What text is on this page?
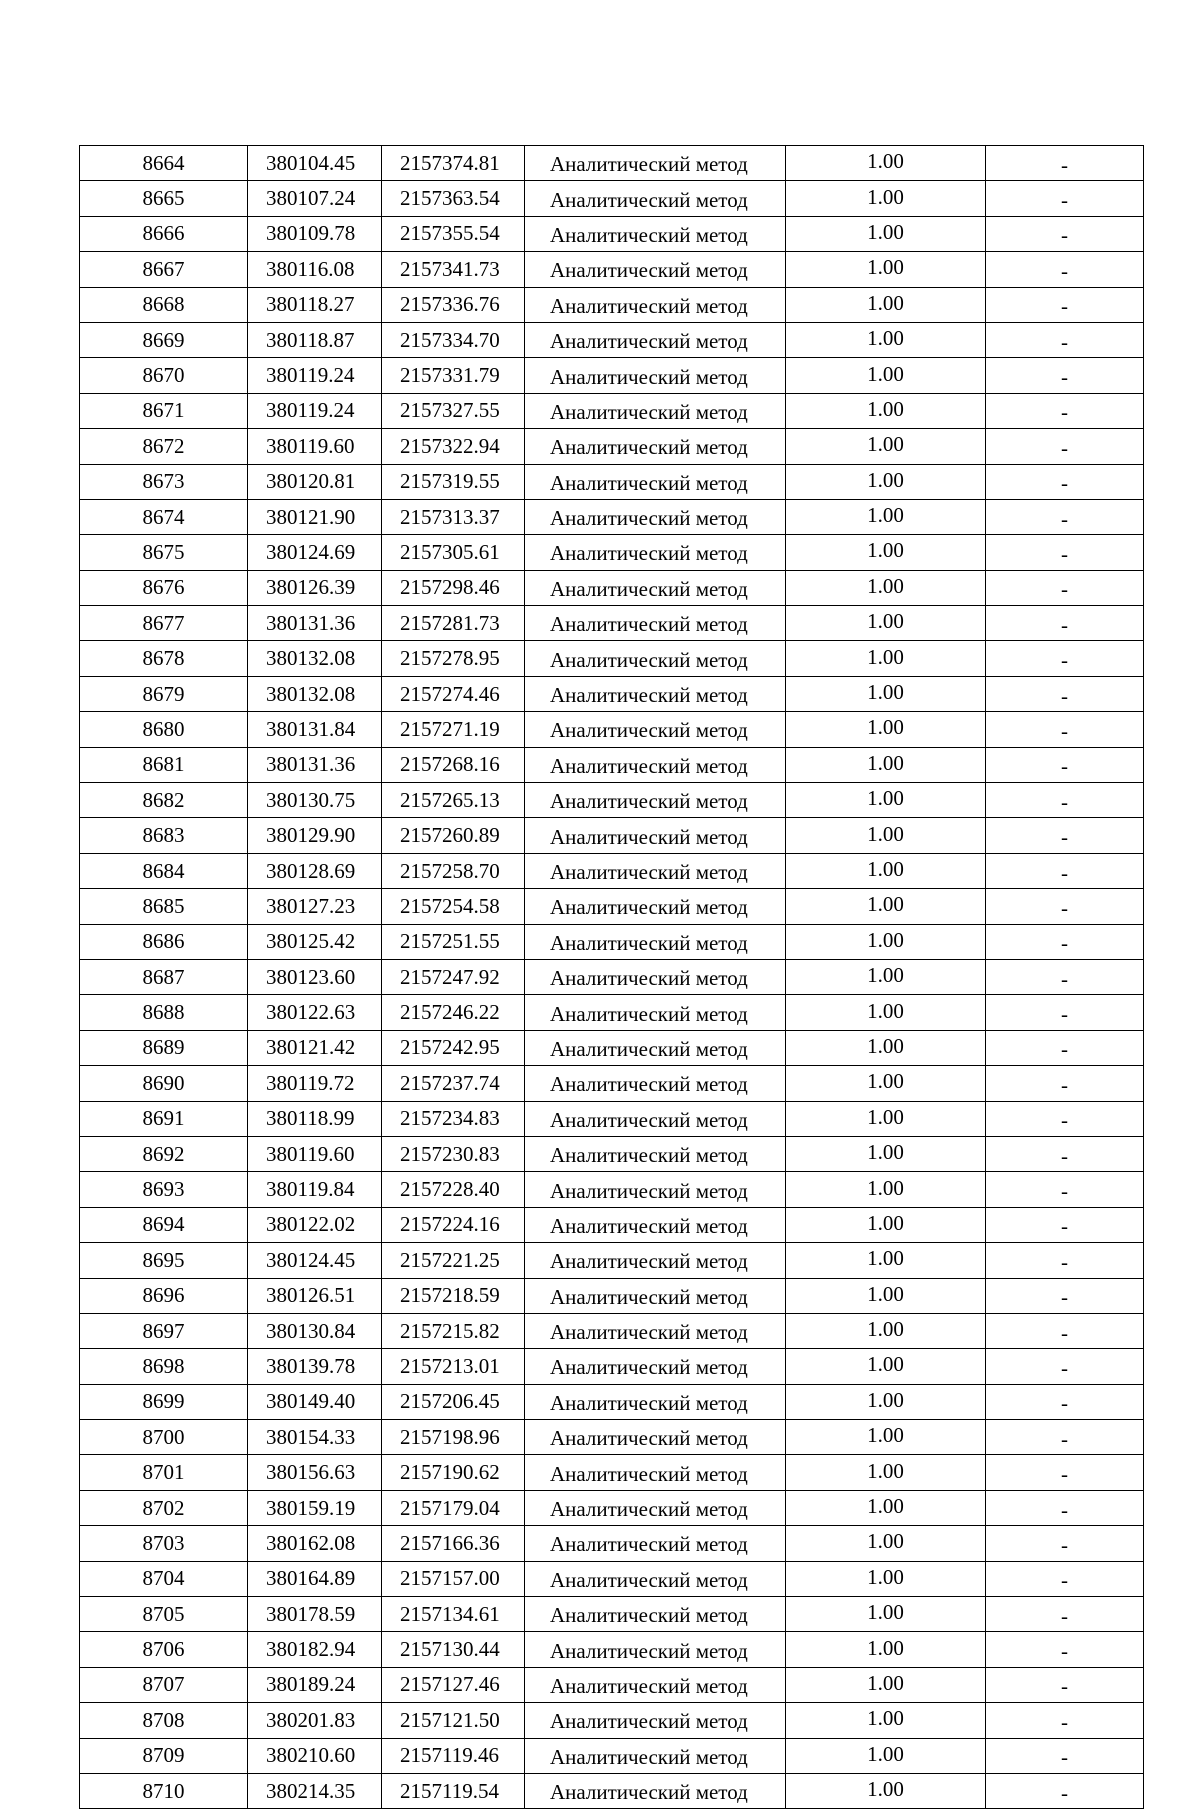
8664	380104.45	2157374.81	Аналитический метод	1.00	-
8665	380107.24	2157363.54	Аналитический метод	1.00	-
8666	380109.78	2157355.54	Аналитический метод	1.00	-
8667	380116.08	2157341.73	Аналитический метод	1.00	-
8668	380118.27	2157336.76	Аналитический метод	1.00	-
8669	380118.87	2157334.70	Аналитический метод	1.00	-
8670	380119.24	2157331.79	Аналитический метод	1.00	-
8671	380119.24	2157327.55	Аналитический метод	1.00	-
8672	380119.60	2157322.94	Аналитический метод	1.00	-
8673	380120.81	2157319.55	Аналитический метод	1.00	-
8674	380121.90	2157313.37	Аналитический метод	1.00	-
8675	380124.69	2157305.61	Аналитический метод	1.00	-
8676	380126.39	2157298.46	Аналитический метод	1.00	-
8677	380131.36	2157281.73	Аналитический метод	1.00	-
8678	380132.08	2157278.95	Аналитический метод	1.00	-
8679	380132.08	2157274.46	Аналитический метод	1.00	-
8680	380131.84	2157271.19	Аналитический метод	1.00	-
8681	380131.36	2157268.16	Аналитический метод	1.00	-
8682	380130.75	2157265.13	Аналитический метод	1.00	-
8683	380129.90	2157260.89	Аналитический метод	1.00	-
8684	380128.69	2157258.70	Аналитический метод	1.00	-
8685	380127.23	2157254.58	Аналитический метод	1.00	-
8686	380125.42	2157251.55	Аналитический метод	1.00	-
8687	380123.60	2157247.92	Аналитический метод	1.00	-
8688	380122.63	2157246.22	Аналитический метод	1.00	-
8689	380121.42	2157242.95	Аналитический метод	1.00	-
8690	380119.72	2157237.74	Аналитический метод	1.00	-
8691	380118.99	2157234.83	Аналитический метод	1.00	-
8692	380119.60	2157230.83	Аналитический метод	1.00	-
8693	380119.84	2157228.40	Аналитический метод	1.00	-
8694	380122.02	2157224.16	Аналитический метод	1.00	-
8695	380124.45	2157221.25	Аналитический метод	1.00	-
8696	380126.51	2157218.59	Аналитический метод	1.00	-
8697	380130.84	2157215.82	Аналитический метод	1.00	-
8698	380139.78	2157213.01	Аналитический метод	1.00	-
8699	380149.40	2157206.45	Аналитический метод	1.00	-
8700	380154.33	2157198.96	Аналитический метод	1.00	-
8701	380156.63	2157190.62	Аналитический метод	1.00	-
8702	380159.19	2157179.04	Аналитический метод	1.00	-
8703	380162.08	2157166.36	Аналитический метод	1.00	-
8704	380164.89	2157157.00	Аналитический метод	1.00	-
8705	380178.59	2157134.61	Аналитический метод	1.00	-
8706	380182.94	2157130.44	Аналитический метод	1.00	-
8707	380189.24	2157127.46	Аналитический метод	1.00	-
8708	380201.83	2157121.50	Аналитический метод	1.00	-
8709	380210.60	2157119.46	Аналитический метод	1.00	-
8710	380214.35	2157119.54	Аналитический метод	1.00	-
